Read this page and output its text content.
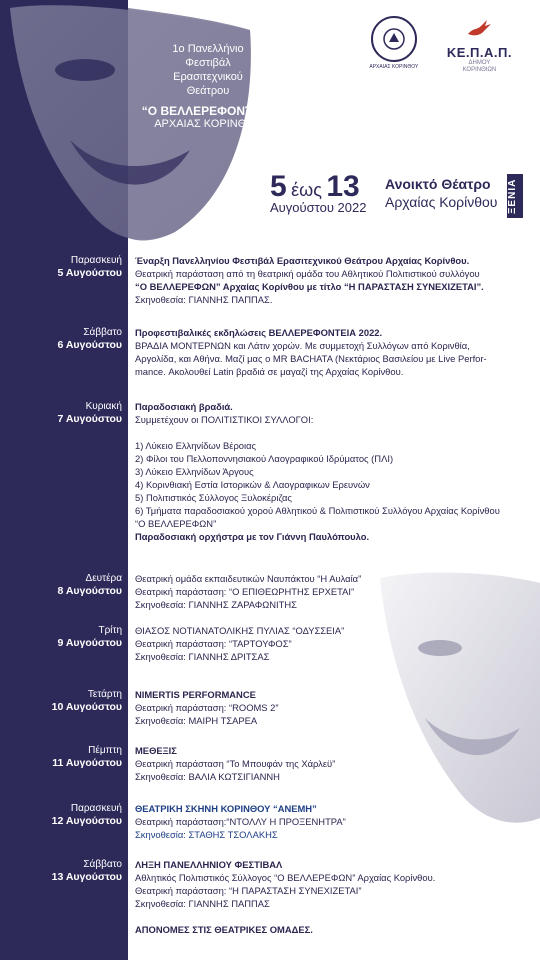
1ο Πανελλήνιο
Φεστιβάλ
Ερασιτεχνικού
Θεάτρου
“Ο ΒΕΛΛΕΡΕΦΟΝΤΗΣ”
ΑΡΧΑΙΑΣ ΚΟΡΙΝΘΟΥ
ΑΡΧΑΙΑΣ ΚΟΡΙΝΘΟΥ
ΚΕ.Π.Α.Π.
ΔΗΜΟΥ
ΚΟΡΙΝΘΙΩΝ
5 έως 13
Αυγούστου 2022
Ανοικτό Θέατρο
Αρχαίας Κορίνθου ΞΕΝΙΑ
Παρασκευή
5 Αυγούστου

Έναρξη Πανελληνίου Φεστιβάλ Ερασιτεχνικού Θεάτρου Αρχαίας Κορίνθου.

Θεατρική παράσταση από τη θεατρική ομάδα του Αθλητικού Πολιτιστικού συλλόγου

“Ο ΒΕΛΛΕΡΕΦΩΝ” Αρχαίας Κορίνθου με τίτλο “Η ΠΑΡΑΣΤΑΣΗ ΣΥΝΕΧΙΖΕΤΑΙ”.

Σκηνοθεσία: ΓΙΑΝΝΗΣ ΠΑΠΠΑΣ.

Σάββατο
6 Αυγούστου

Προφεστιβαλικές εκδηλώσεις ΒΕΛΛΕΡΕΦΟΝΤΕΙΑ 2022.

ΒΡΑΔΙΑ ΜΟΝΤΕΡΝΩΝ και Λάτιν χορών. Με συμμετοχή Συλλόγων από Κορινθία,

Αργολίδα, και Αθήνα. Μαζί μας ο MR BACHATA (Νεκτάριος Βασιλείου με Live Perfor-

mance. Ακολουθεί Latin βραδιά σε μαγαζί της Αρχαίας Κορίνθου.

Κυριακή
7 Αυγούστου

Παραδοσιακή βραδιά.

Συμμετέχουν οι ΠΟΛΙΤΙΣΤΙΚΟΙ ΣΥΛΛΟΓΟΙ:

1) Λύκειο Ελληνίδων Βέροιας

2) Φίλοι του Πελλοποννησιακού Λαογραφικού Ιδρύματος (ΠΛΙ)

3) Λύκειο Ελληνίδων Άργους

4) Κορινθιακή Εστία Ιστορικών & Λαογραφικων Ερευνών

5) Πολιτιστικός Σύλλογος Ξυλοκέριζας

6) Τμήματα παραδοσιακού χορού Αθλητικού & Πολιτιστικού Συλλόγου Αρχαίας Κορίνθου

“Ο ΒΕΛΛΕΡΕΦΩΝ”

Παραδοσιακή ορχήστρα με τον Γιάννη Παυλόπουλο.

Δευτέρα
8 Αυγούστου

Θεατρική ομάδα εκπαιδευτικών Ναυπάκτου “Η Αυλαία”

Θεατρική παράσταση: “Ο ΕΠΙΘΕΩΡΗΤΗΣ ΕΡΧΕΤΑΙ”

Σκηνοθεσία: ΓΙΑΝΝΗΣ ΖΑΡΑΦΩΝΙΤΗΣ

Τρίτη
9 Αυγούστου

ΘΙΑΣΟΣ ΝΟΤΙΑΝΑΤΟΛΙΚΗΣ ΠΥΛΙΑΣ “ΟΔΥΣΣΕΙΑ”

Θεατρική παράσταση: “ΤΑΡΤΟΥΦΟΣ”

Σκηνοθεσία: ΓΙΑΝΝΗΣ ΔΡΙΤΣΑΣ

Τετάρτη
10 Αυγούστου

NIMERTIS PERFORMANCE

Θεατρική παράσταση: “ROOMS 2”

Σκηνοθεσία: ΜΑΙΡΗ ΤΣΑΡΕΑ

Πέμπτη
11 Αυγούστου

ΜΕΘΕΞΙΣ

Θεατρική παράσταση “Το Μπουφάν της Χάρλεϋ”

Σκηνοθεσία: ΒΑΛΙΑ ΚΩΤΣΙΓΙΑΝΝΗ

Παρασκευή
12 Αυγούστου

ΘΕΑΤΡΙΚΗ ΣΚΗΝΗ ΚΟΡΙΝΘΟΥ “ΑΝΕΜΗ”

Θεατρική παράσταση:“ΝΤΟΛΛΥ Η ΠΡΟΞΕΝΗΤΡΑ”

Σκηνοθεσία: ΣΤΑΘΗΣ ΤΣΟΛΑΚΗΣ

Σάββατο
13 Αυγούστου

ΛΗΞΗ ΠΑΝΕΛΛΗΝΙΟΥ ΦΕΣΤΙΒΑΛ

Αθλητικός Πολιτιστικός Σύλλογος “Ο ΒΕΛΛΕΡΕΦΩΝ” Αρχαίας Κορίνθου.

Θεατρική παράσταση: “Η ΠΑΡΑΣΤΑΣΗ ΣΥΝΕΧΙΖΕΤΑΙ”

Σκηνοθεσία: ΓΙΑΝΝΗΣ ΠΑΠΠΑΣ

ΑΠΟΝΟΜΕΣ ΣΤΙΣ ΘΕΑΤΡΙΚΕΣ ΟΜΑΔΕΣ.
